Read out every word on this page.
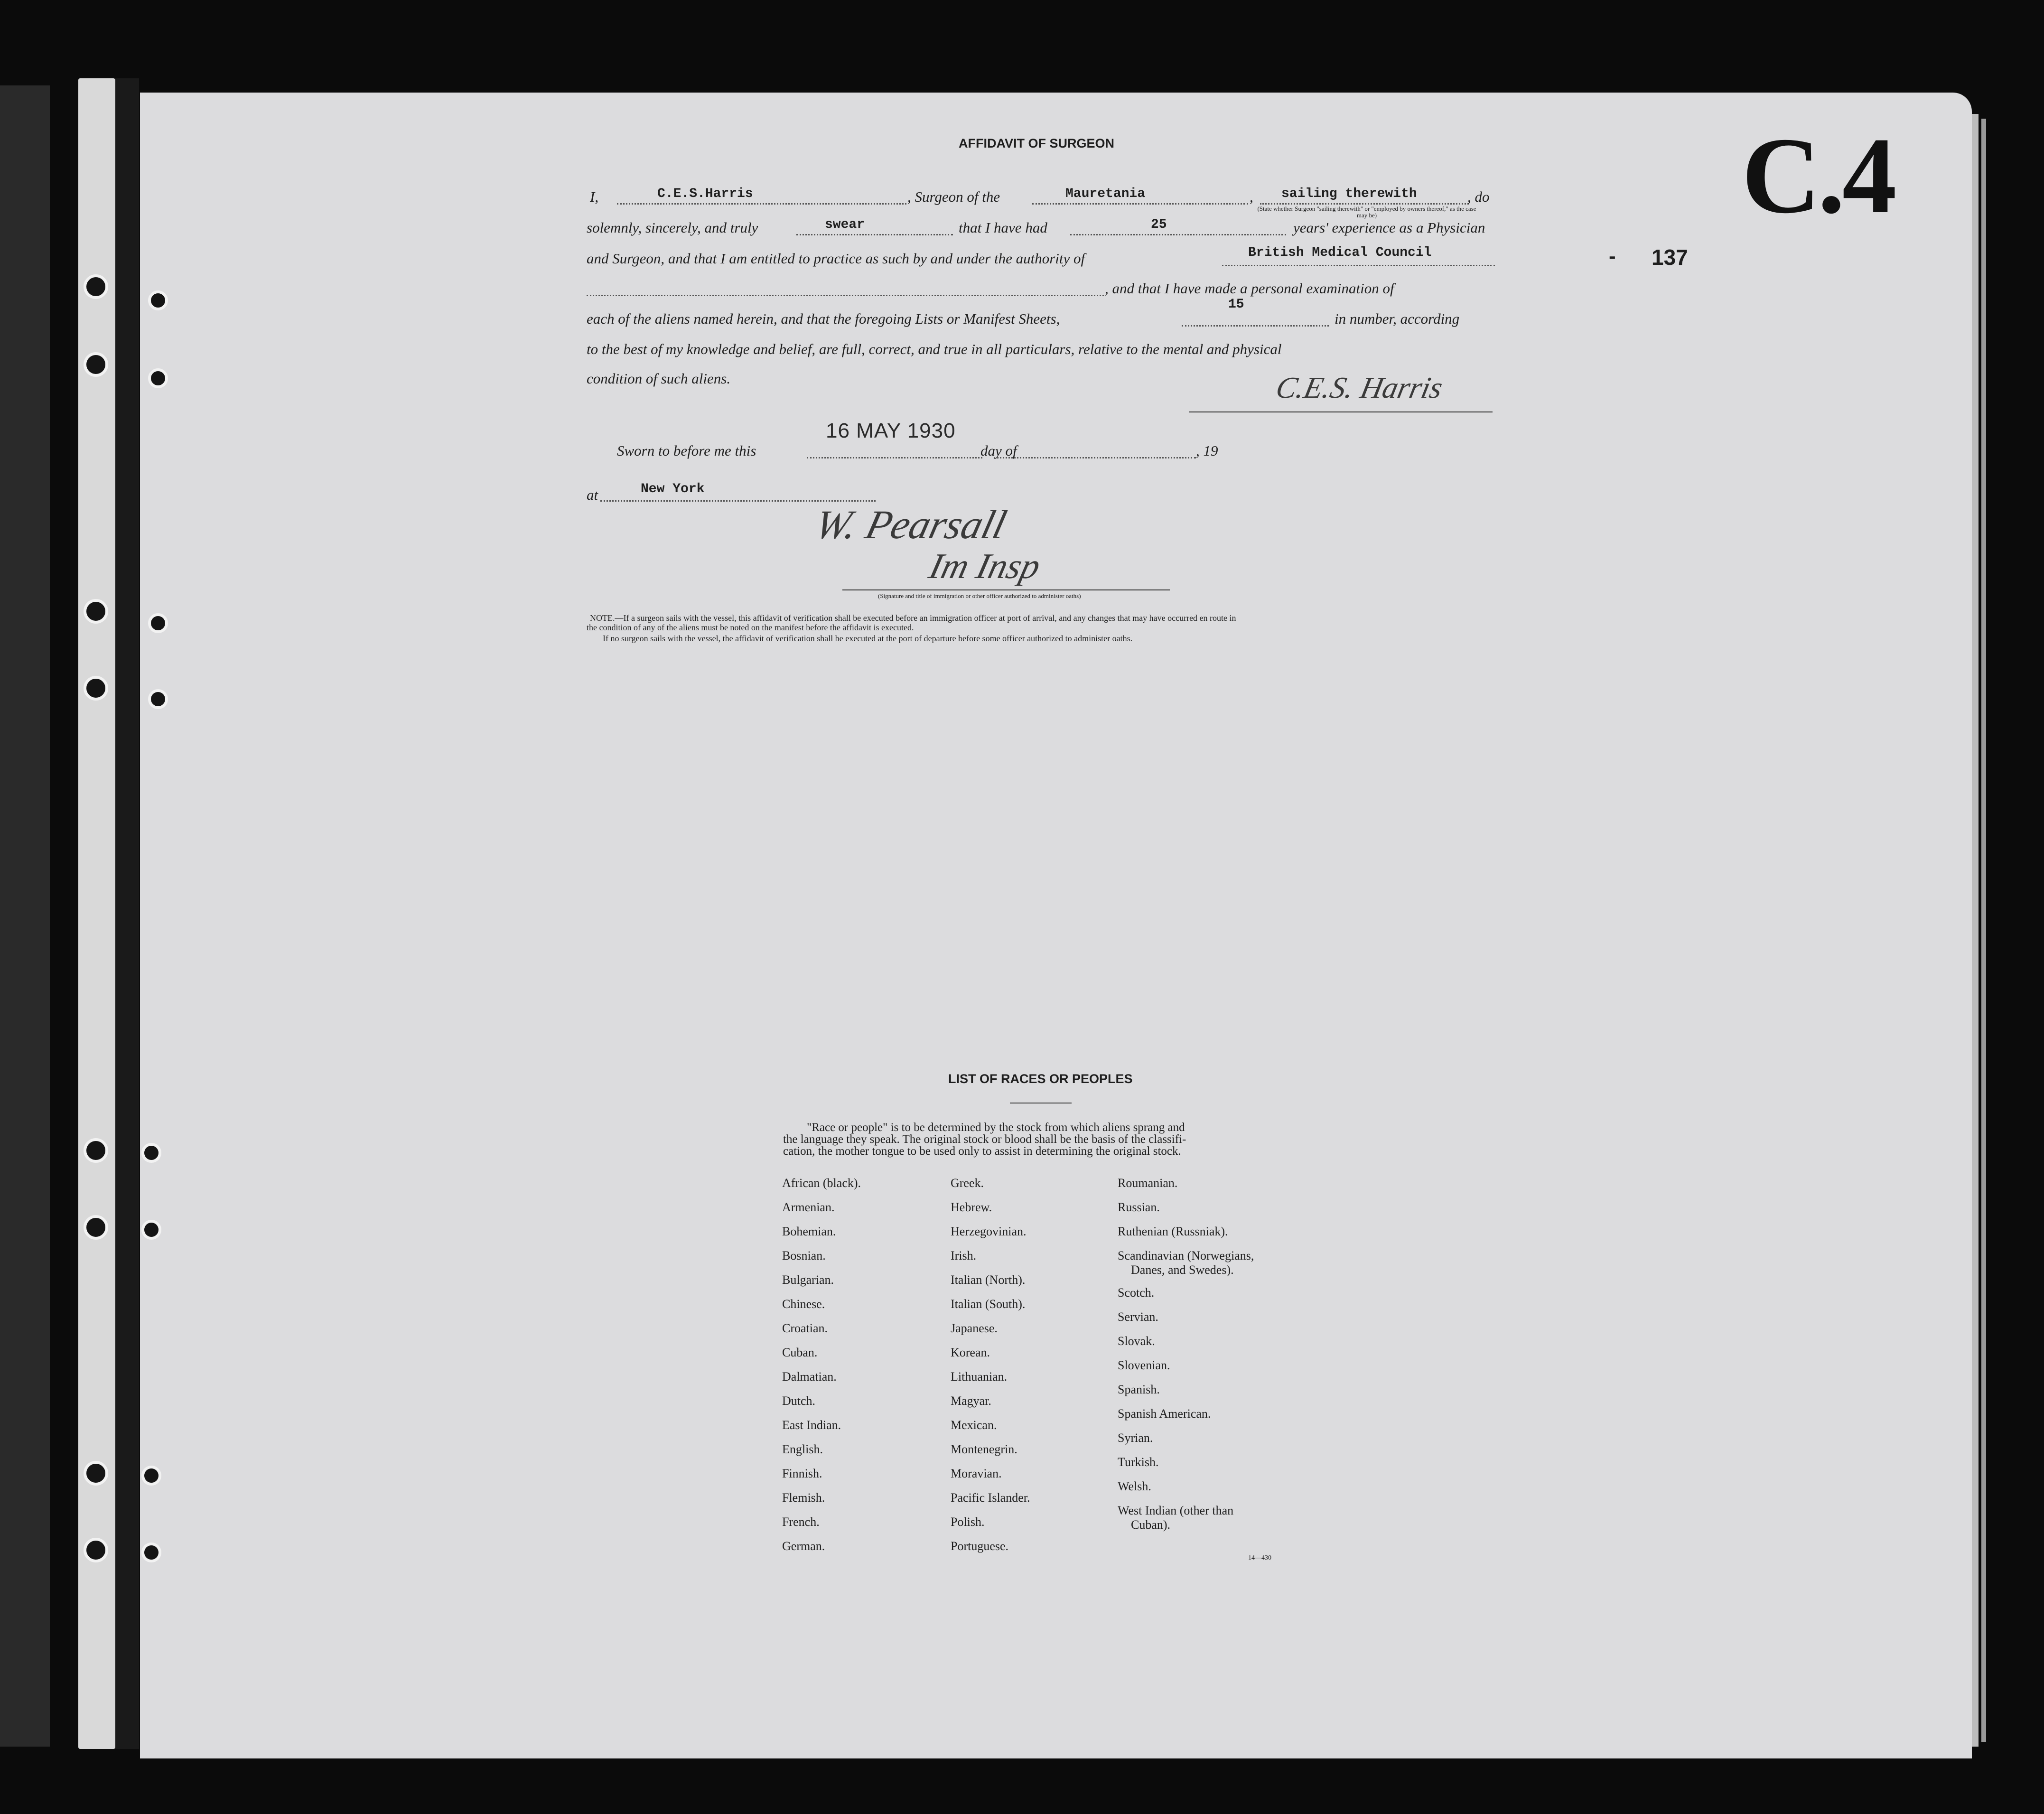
C.4
- 137
AFFIDAVIT OF SURGEON
I,	C.E.S.Harris	, Surgeon of the	Mauretania	, sailing therewith
(State whether Surgeon "sailing therewith" or "employed by owners thereof," as the case may be)
, do
solemnly, sincerely, and truly	swear	that I have had	25	years' experience as a Physician
and Surgeon, and that I am entitled to practice as such by and under the authority of	British Medical Council
, and that I have made a personal examination of
each of the aliens named herein, and that the foregoing Lists or Manifest Sheets,
15
in number, according
to the best of my knowledge and belief, are full, correct, and true in all particulars, relative to the mental and physical
condition of such aliens.	C.E.S. Harris
Sworn to before me this
16 MAY 1930
day of	, 19
at	New York
W. Pearsall
Im Insp
(Signature and title of immigration or other officer authorized to administer oaths)
NOTE.—If a surgeon sails with the vessel, this affidavit of verification shall be executed before an immigration officer at port of arrival, and any changes that may have occurred en route in
the condition of any of the aliens must be noted on the manifest before the affidavit is executed.
If no surgeon sails with the vessel, the affidavit of verification shall be executed at the port of departure before some officer authorized to administer oaths.
LIST OF RACES OR PEOPLES
"Race or people" is to be determined by the stock from which aliens sprang and
the language they speak. The original stock or blood shall be the basis of the classifi-
cation, the mother tongue to be used only to assist in determining the original stock.
African (black).
Armenian.
Bohemian.
Bosnian.
Bulgarian.
Chinese.
Croatian.
Cuban.
Dalmatian.
Dutch.
East Indian.
English.
Finnish.
Flemish.
French.
German.
Greek.
Hebrew.
Herzegovinian.
Irish.
Italian (North).
Italian (South).
Japanese.
Korean.
Lithuanian.
Magyar.
Mexican.
Montenegrin.
Moravian.
Pacific Islander.
Polish.
Portuguese.
Roumanian.
Russian.
Ruthenian (Russniak).
Scandinavian (Norwegians,
Danes, and Swedes).
Scotch.
Servian.
Slovak.
Slovenian.
Spanish.
Spanish American.
Syrian.
Turkish.
Welsh.
West Indian (other than
Cuban).
14—430
